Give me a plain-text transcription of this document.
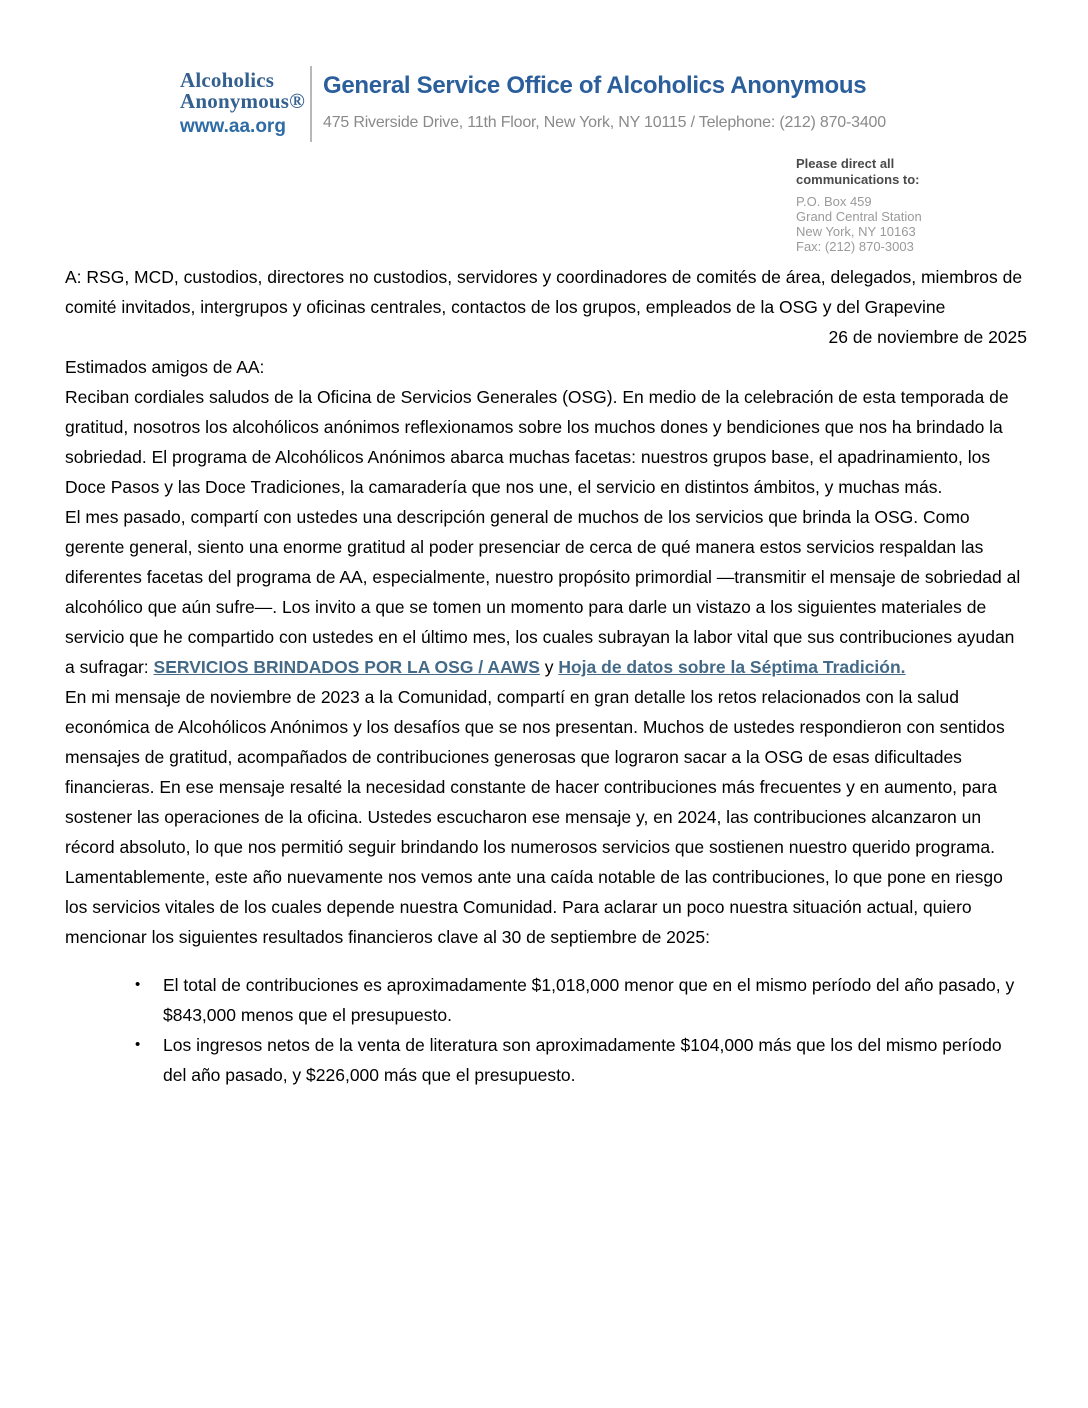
Alcoholics
Anonymous®
www.aa.org
General Service Office of Alcoholics Anonymous
475 Riverside Drive, 11th Floor, New York, NY 10115 / Telephone: (212) 870-3400
Please direct all
communications to:
P.O. Box 459
Grand Central Station
New York, NY 10163
Fax: (212) 870-3003

A: RSG, MCD, custodios, directores no custodios, servidores y coordinadores de comités de área, delegados, miembros de comité invitados, intergrupos y oficinas centrales, contactos de los grupos, empleados de la OSG y del Grapevine

26 de noviembre de 2025

Estimados amigos de AA:

Reciban cordiales saludos de la Oficina de Servicios Generales (OSG). En medio de la celebración de esta temporada de gratitud, nosotros los alcohólicos anónimos reflexionamos sobre los muchos dones y bendiciones que nos ha brindado la sobriedad. El programa de Alcohólicos Anónimos abarca muchas facetas: nuestros grupos base, el apadrinamiento, los Doce Pasos y las Doce Tradiciones, la camaradería que nos une, el servicio en distintos ámbitos, y muchas más.

El mes pasado, compartí con ustedes una descripción general de muchos de los servicios que brinda la OSG. Como gerente general, siento una enorme gratitud al poder presenciar de cerca de qué manera estos servicios respaldan las diferentes facetas del programa de AA, especialmente, nuestro propósito primordial —transmitir el mensaje de sobriedad al alcohólico que aún sufre—. Los invito a que se tomen un momento para darle un vistazo a los siguientes materiales de servicio que he compartido con ustedes en el último mes, los cuales subrayan la labor vital que sus contribuciones ayudan a sufragar: SERVICIOS BRINDADOS POR LA OSG / AAWS y Hoja de datos sobre la Séptima Tradición.

En mi mensaje de noviembre de 2023 a la Comunidad, compartí en gran detalle los retos relacionados con la salud económica de Alcohólicos Anónimos y los desafíos que se nos presentan. Muchos de ustedes respondieron con sentidos mensajes de gratitud, acompañados de contribuciones generosas que lograron sacar a la OSG de esas dificultades financieras. En ese mensaje resalté la necesidad constante de hacer contribuciones más frecuentes y en aumento, para sostener las operaciones de la oficina. Ustedes escucharon ese mensaje y, en 2024, las contribuciones alcanzaron un récord absoluto, lo que nos permitió seguir brindando los numerosos servicios que sostienen nuestro querido programa.

Lamentablemente, este año nuevamente nos vemos ante una caída notable de las contribuciones, lo que pone en riesgo los servicios vitales de los cuales depende nuestra Comunidad. Para aclarar un poco nuestra situación actual, quiero mencionar los siguientes resultados financieros clave al 30 de septiembre de 2025:

• El total de contribuciones es aproximadamente $1,018,000 menor que en el mismo período del año pasado, y $843,000 menos que el presupuesto.
• Los ingresos netos de la venta de literatura son aproximadamente $104,000 más que los del mismo período del año pasado, y $226,000 más que el presupuesto.
